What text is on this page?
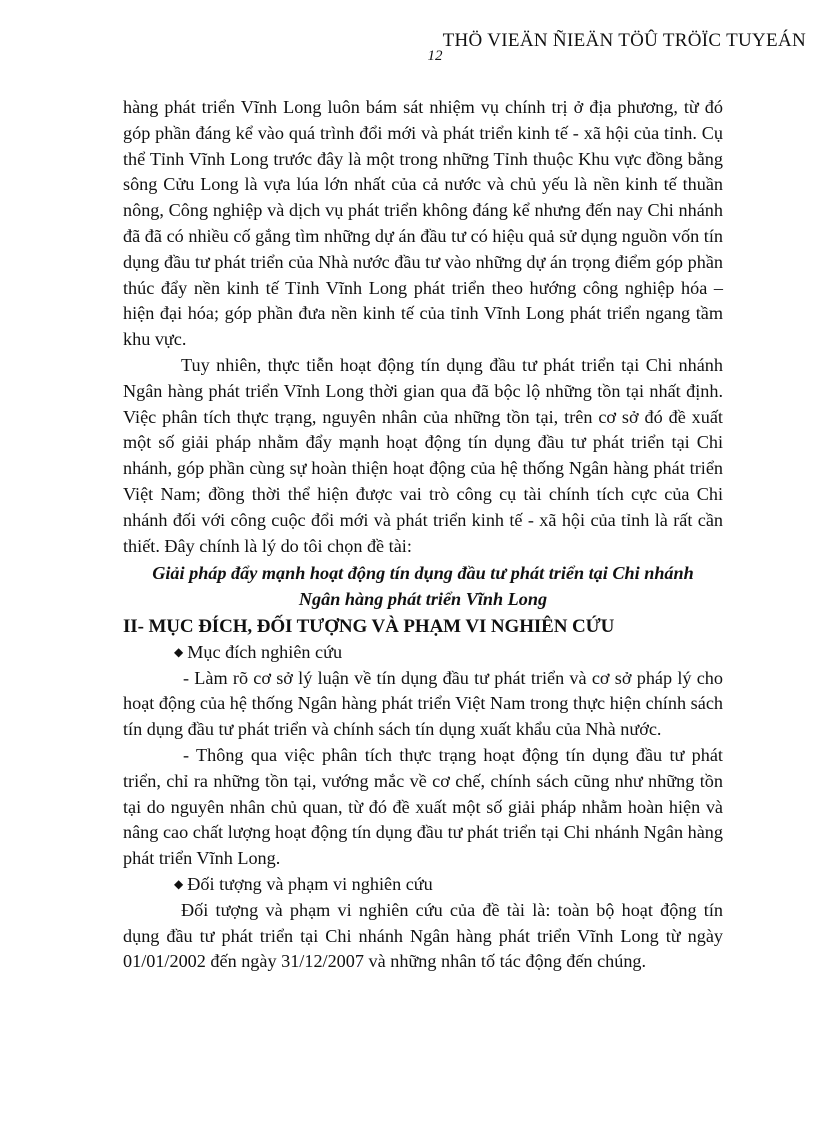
THÖ VIEÄN ÑIEÄN TÖÛ TRÖÏC TUYEÁN
12

hàng phát triển Vĩnh Long luôn bám sát nhiệm vụ chính trị ở địa phương, từ đó góp phần đáng kể vào quá trình đổi mới và phát triển kinh tế - xã hội của tỉnh. Cụ thể Tỉnh Vĩnh Long trước đây là một trong những Tỉnh thuộc Khu vực đồng bằng sông Cửu Long là vựa lúa lớn nhất của cả nước và chủ yếu là nền kinh tế thuần nông, Công nghiệp và dịch vụ phát triển không đáng kể nhưng đến nay Chi nhánh đã đã có nhiều cố gắng tìm những dự án đầu tư có hiệu quả sử dụng nguồn vốn tín dụng đầu tư phát triển của Nhà nước đầu tư vào những dự án trọng điểm góp phần thúc đẩy nền kinh tế Tỉnh Vĩnh Long phát triển theo hướng công nghiệp hóa – hiện đại hóa; góp phần đưa nền kinh tế của tỉnh Vĩnh Long phát triển ngang tầm khu vực.

Tuy nhiên, thực tiễn hoạt động tín dụng đầu tư phát triển tại Chi nhánh Ngân hàng phát triển Vĩnh Long thời gian qua đã bộc lộ những tồn tại nhất định. Việc phân tích thực trạng, nguyên nhân của những tồn tại, trên cơ sở đó đề xuất một số giải pháp nhằm đẩy mạnh hoạt động tín dụng đầu tư phát triển tại Chi nhánh, góp phần cùng sự hoàn thiện hoạt động của hệ thống Ngân hàng phát triển Việt Nam; đồng thời thể hiện được vai trò công cụ tài chính tích cực của Chi nhánh đối với công cuộc đổi mới và phát triển kinh tế - xã hội của tỉnh là rất cần thiết. Đây chính là lý do tôi chọn đề tài:

Giải pháp đẩy mạnh hoạt động tín dụng đầu tư phát triển tại Chi nhánh

Ngân hàng phát triển Vĩnh Long

II- MỤC ĐÍCH, ĐỐI TƯỢNG VÀ PHẠM VI NGHIÊN CỨU

◆ Mục đích nghiên cứu

- Làm rõ cơ sở lý luận về tín dụng đầu tư phát triển và cơ sở pháp lý cho hoạt động của hệ thống Ngân hàng phát triển Việt Nam trong thực hiện chính sách tín dụng đầu tư phát triển và chính sách tín dụng xuất khẩu của Nhà nước.

- Thông qua việc phân tích thực trạng hoạt động tín dụng đầu tư phát triển, chỉ ra những tồn tại, vướng mắc về cơ chế, chính sách cũng như những tồn tại do nguyên nhân chủ quan, từ đó đề xuất một số giải pháp nhằm hoàn hiện và nâng cao chất lượng hoạt động tín dụng đầu tư phát triển tại Chi nhánh Ngân hàng phát triển Vĩnh Long.

◆ Đối tượng và phạm vi nghiên cứu

Đối tượng và phạm vi nghiên cứu của đề tài là: toàn bộ hoạt động tín dụng đầu tư phát triển tại Chi nhánh Ngân hàng phát triển Vĩnh Long từ ngày 01/01/2002 đến ngày 31/12/2007 và những nhân tố tác động đến chúng.
